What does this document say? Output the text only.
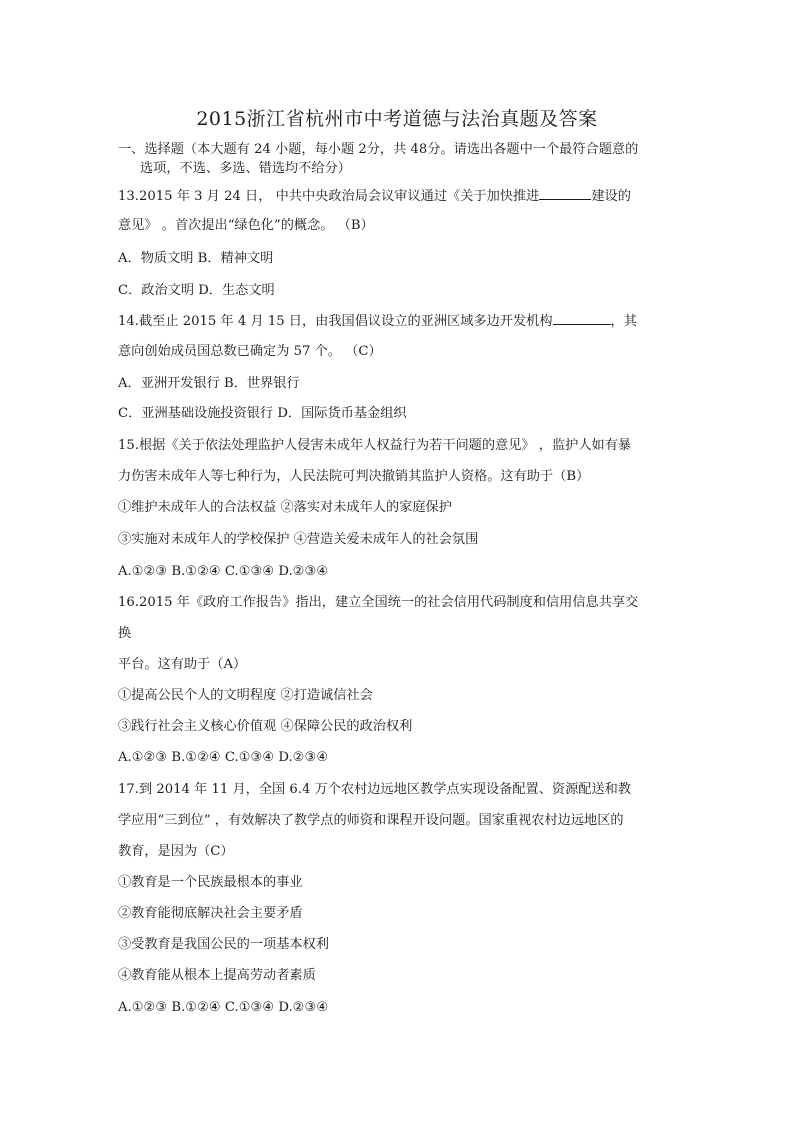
2015浙江省杭州市中考道德与法治真题及答案
一、选择题（本大题有 24 小题，每小题 2分，共 48分。请选出各题中一个最符合题意的
选项，不选、多选、错选均不给分）
13.2015 年 3 月 24 日， 中共中央政治局会议审议通过《关于加快推进	建设的
意见》 。首次提出“绿色化”的概念。 （B）
A．物质文明 B．精神文明
C．政治文明 D．生态文明
14.截至止 2015 年 4 月 15 日，由我国倡议设立的亚洲区域多边开发机构	，其
意向创始成员国总数已确定为 57 个。 （C）
A．亚洲开发银行 B．世界银行
C．亚洲基础设施投资银行 D．国际货币基金组织
15.根据《关于依法处理监护人侵害未成年人权益行为若干问题的意见》 ，监护人如有暴
力伤害未成年人等七种行为，人民法院可判决撤销其监护人资格。这有助于（B）
①维护未成年人的合法权益 ②落实对未成年人的家庭保护
③实施对未成年人的学校保护 ④营造关爱未成年人的社会氛围
A.①②③ B.①②④ C.①③④ D.②③④
16.2015 年《政府工作报告》指出，建立全国统一的社会信用代码制度和信用信息共享交
换
平台。这有助于（A）
①提高公民个人的文明程度 ②打造诚信社会
③践行社会主义核心价值观 ④保障公民的政治权利
A.①②③ B.①②④ C.①③④ D.②③④
17.到 2014 年 11 月，全国 6.4 万个农村边远地区教学点实现设备配置、资源配送和教
学应用“三到位” ，有效解决了教学点的师资和课程开设问题。国家重视农村边远地区的
教育，是因为（C）
①教育是一个民族最根本的事业
②教育能彻底解决社会主要矛盾
③受教育是我国公民的一项基本权利
④教育能从根本上提高劳动者素质
A.①②③ B.①②④ C.①③④ D.②③④
